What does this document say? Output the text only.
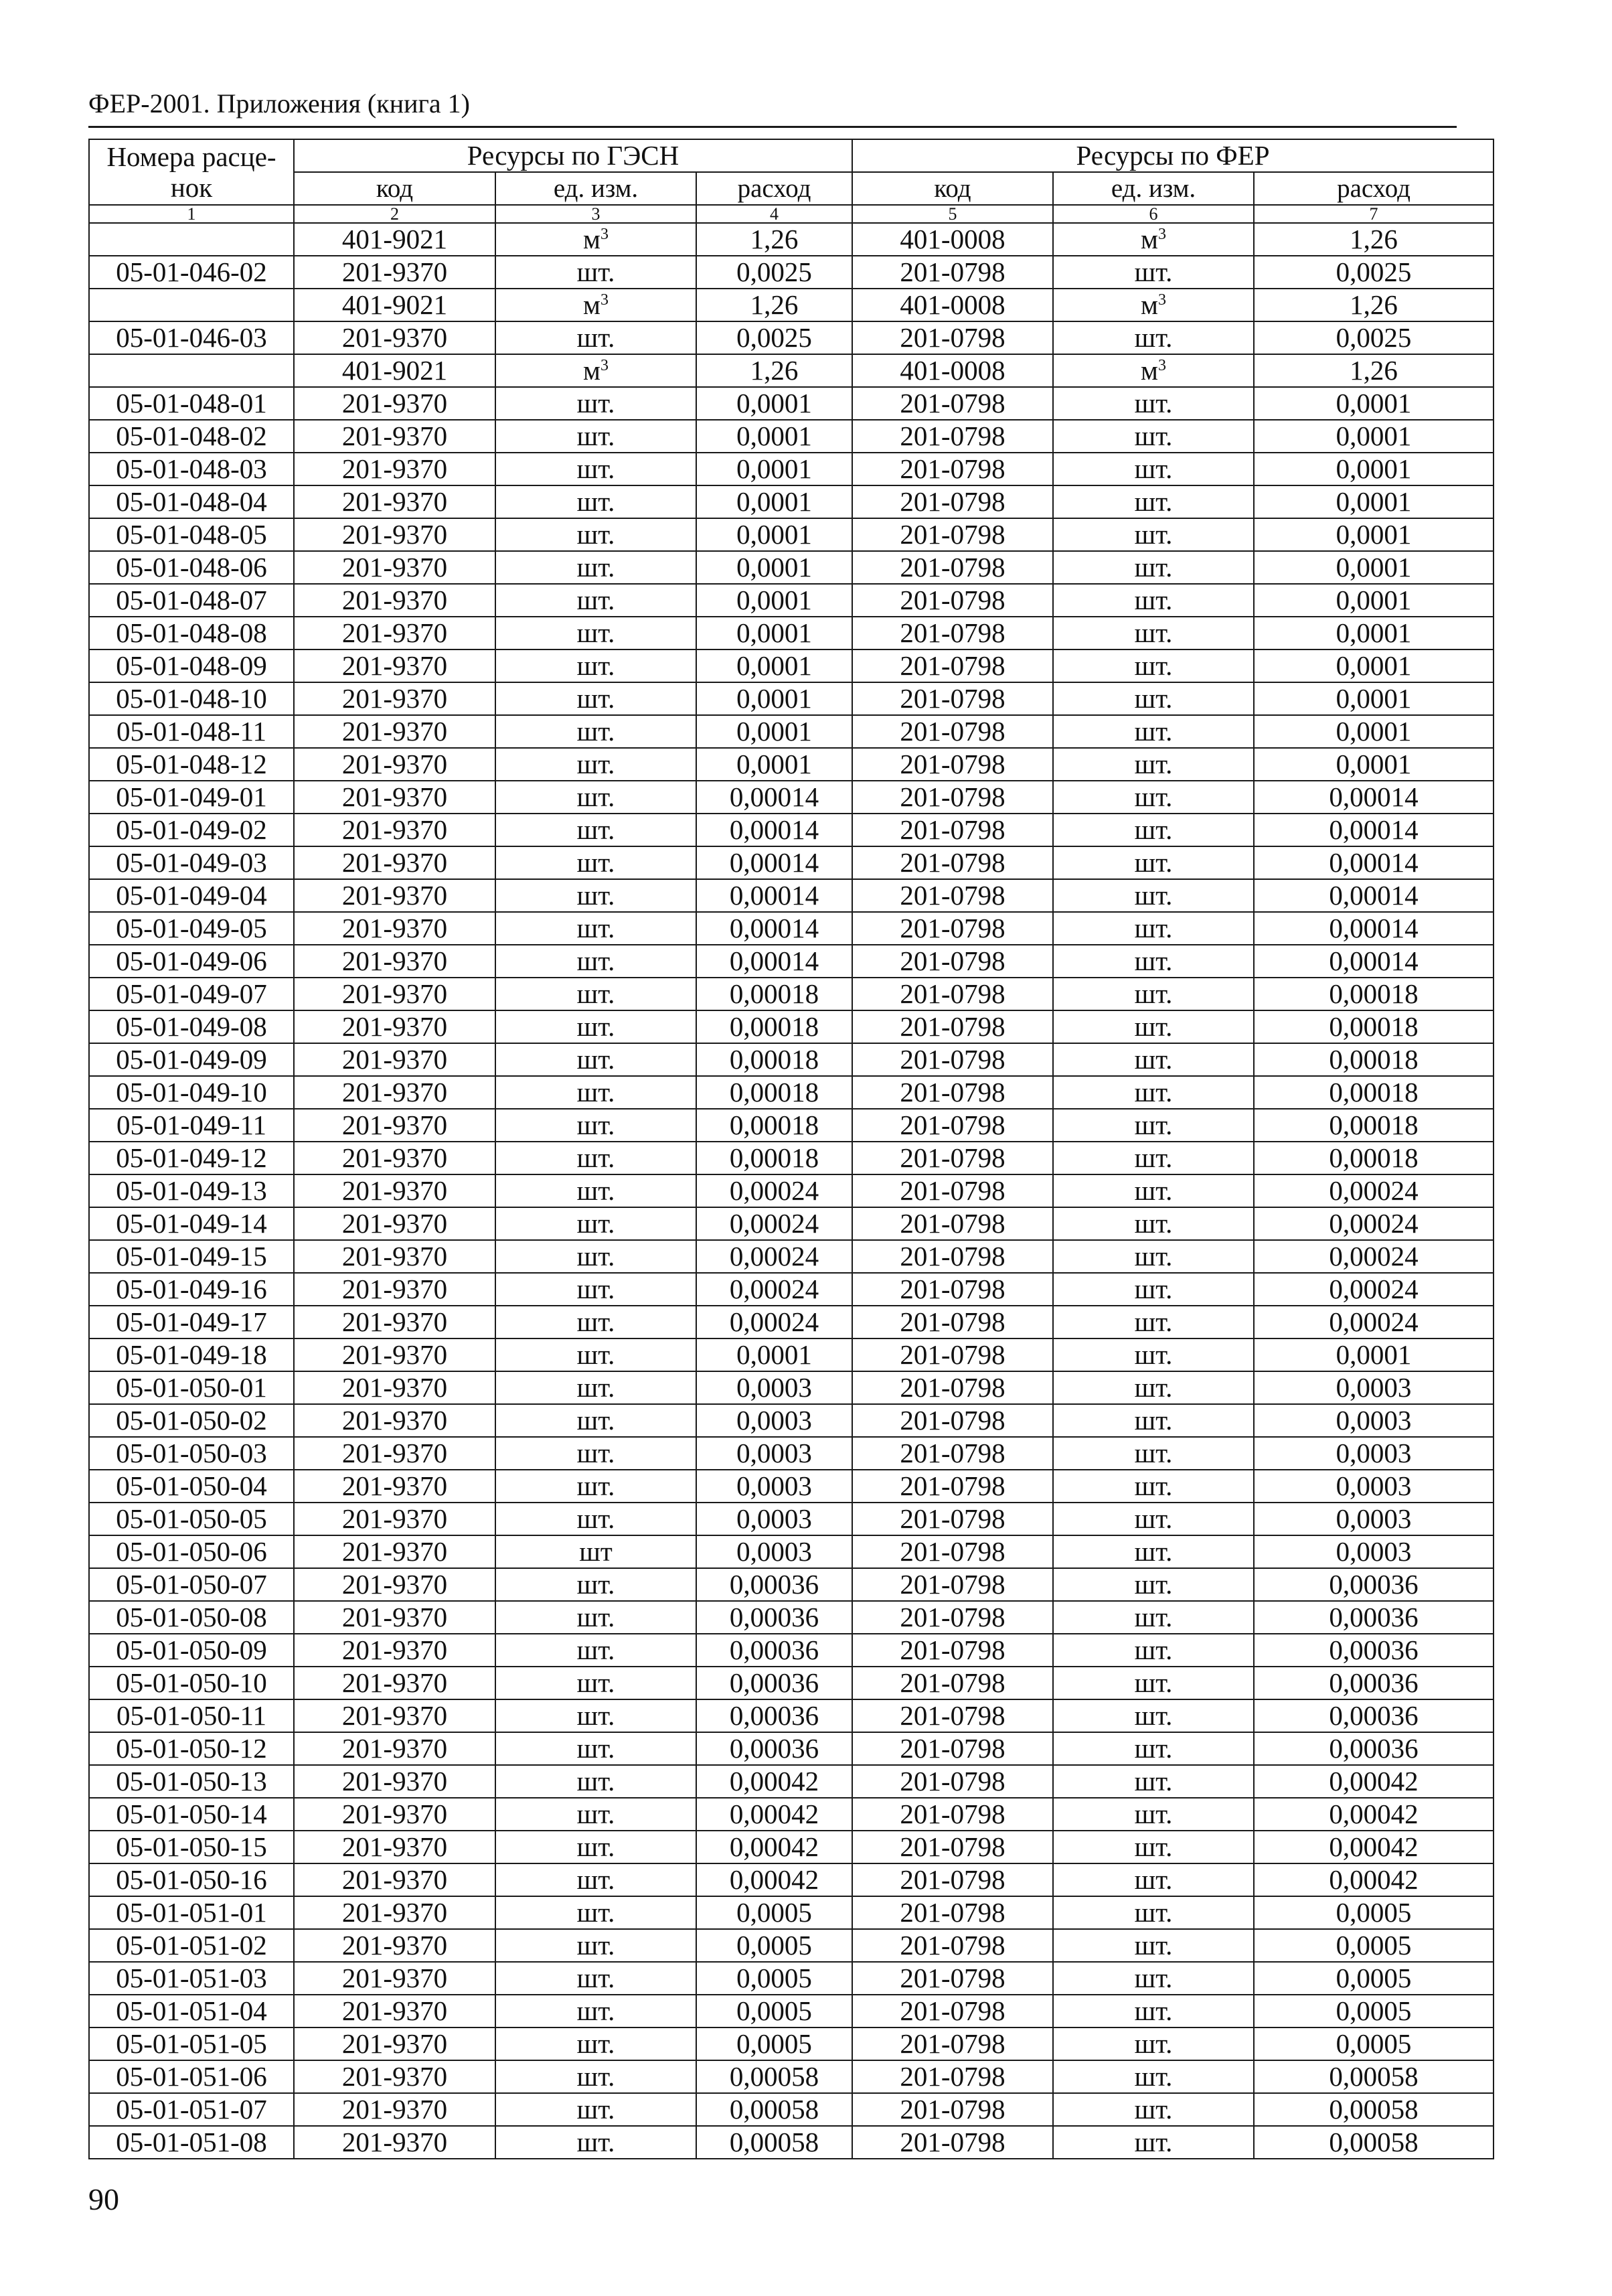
ФЕР-2001. Приложения (книга 1)
Номера расце-нок	Ресурсы по ГЭСН			Ресурсы по ФЕР		
	код	ед. изм.	расход	код	ед. изм.	расход
1	2	3	4	5	6	7
	401-9021	$м^3$	1,26	401-0008	$м^3$	1,26
05-01-046-02	201-9370	шт.	0,0025	201-0798	шт.	0,0025
	401-9021	$м^3$	1,26	401-0008	$м^3$	1,26
05-01-046-03	201-9370	шт.	0,0025	201-0798	шт.	0,0025
	401-9021	$м^3$	1,26	401-0008	$м^3$	1,26
05-01-048-01	201-9370	шт.	0,0001	201-0798	шт.	0,0001
05-01-048-02	201-9370	шт.	0,0001	201-0798	шт.	0,0001
05-01-048-03	201-9370	шт.	0,0001	201-0798	шт.	0,0001
05-01-048-04	201-9370	шт.	0,0001	201-0798	шт.	0,0001
05-01-048-05	201-9370	шт.	0,0001	201-0798	шт.	0,0001
05-01-048-06	201-9370	шт.	0,0001	201-0798	шт.	0,0001
05-01-048-07	201-9370	шт.	0,0001	201-0798	шт.	0,0001
05-01-048-08	201-9370	шт.	0,0001	201-0798	шт.	0,0001
05-01-048-09	201-9370	шт.	0,0001	201-0798	шт.	0,0001
05-01-048-10	201-9370	шт.	0,0001	201-0798	шт.	0,0001
05-01-048-11	201-9370	шт.	0,0001	201-0798	шт.	0,0001
05-01-048-12	201-9370	шт.	0,0001	201-0798	шт.	0,0001
05-01-049-01	201-9370	шт.	0,00014	201-0798	шт.	0,00014
05-01-049-02	201-9370	шт.	0,00014	201-0798	шт.	0,00014
05-01-049-03	201-9370	шт.	0,00014	201-0798	шт.	0,00014
05-01-049-04	201-9370	шт.	0,00014	201-0798	шт.	0,00014
05-01-049-05	201-9370	шт.	0,00014	201-0798	шт.	0,00014
05-01-049-06	201-9370	шт.	0,00014	201-0798	шт.	0,00014
05-01-049-07	201-9370	шт.	0,00018	201-0798	шт.	0,00018
05-01-049-08	201-9370	шт.	0,00018	201-0798	шт.	0,00018
05-01-049-09	201-9370	шт.	0,00018	201-0798	шт.	0,00018
05-01-049-10	201-9370	шт.	0,00018	201-0798	шт.	0,00018
05-01-049-11	201-9370	шт.	0,00018	201-0798	шт.	0,00018
05-01-049-12	201-9370	шт.	0,00018	201-0798	шт.	0,00018
05-01-049-13	201-9370	шт.	0,00024	201-0798	шт.	0,00024
05-01-049-14	201-9370	шт.	0,00024	201-0798	шт.	0,00024
05-01-049-15	201-9370	шт.	0,00024	201-0798	шт.	0,00024
05-01-049-16	201-9370	шт.	0,00024	201-0798	шт.	0,00024
05-01-049-17	201-9370	шт.	0,00024	201-0798	шт.	0,00024
05-01-049-18	201-9370	шт.	0,0001	201-0798	шт.	0,0001
05-01-050-01	201-9370	шт.	0,0003	201-0798	шт.	0,0003
05-01-050-02	201-9370	шт.	0,0003	201-0798	шт.	0,0003
05-01-050-03	201-9370	шт.	0,0003	201-0798	шт.	0,0003
05-01-050-04	201-9370	шт.	0,0003	201-0798	шт.	0,0003
05-01-050-05	201-9370	шт.	0,0003	201-0798	шт.	0,0003
05-01-050-06	201-9370	шт	0,0003	201-0798	шт.	0,0003
05-01-050-07	201-9370	шт.	0,00036	201-0798	шт.	0,00036
05-01-050-08	201-9370	шт.	0,00036	201-0798	шт.	0,00036
05-01-050-09	201-9370	шт.	0,00036	201-0798	шт.	0,00036
05-01-050-10	201-9370	шт.	0,00036	201-0798	шт.	0,00036
05-01-050-11	201-9370	шт.	0,00036	201-0798	шт.	0,00036
05-01-050-12	201-9370	шт.	0,00036	201-0798	шт.	0,00036
05-01-050-13	201-9370	шт.	0,00042	201-0798	шт.	0,00042
05-01-050-14	201-9370	шт.	0,00042	201-0798	шт.	0,00042
05-01-050-15	201-9370	шт.	0,00042	201-0798	шт.	0,00042
05-01-050-16	201-9370	шт.	0,00042	201-0798	шт.	0,00042
05-01-051-01	201-9370	шт.	0,0005	201-0798	шт.	0,0005
05-01-051-02	201-9370	шт.	0,0005	201-0798	шт.	0,0005
05-01-051-03	201-9370	шт.	0,0005	201-0798	шт.	0,0005
05-01-051-04	201-9370	шт.	0,0005	201-0798	шт.	0,0005
05-01-051-05	201-9370	шт.	0,0005	201-0798	шт.	0,0005
05-01-051-06	201-9370	шт.	0,00058	201-0798	шт.	0,00058
05-01-051-07	201-9370	шт.	0,00058	201-0798	шт.	0,00058
05-01-051-08	201-9370	шт.	0,00058	201-0798	шт.	0,00058
90
